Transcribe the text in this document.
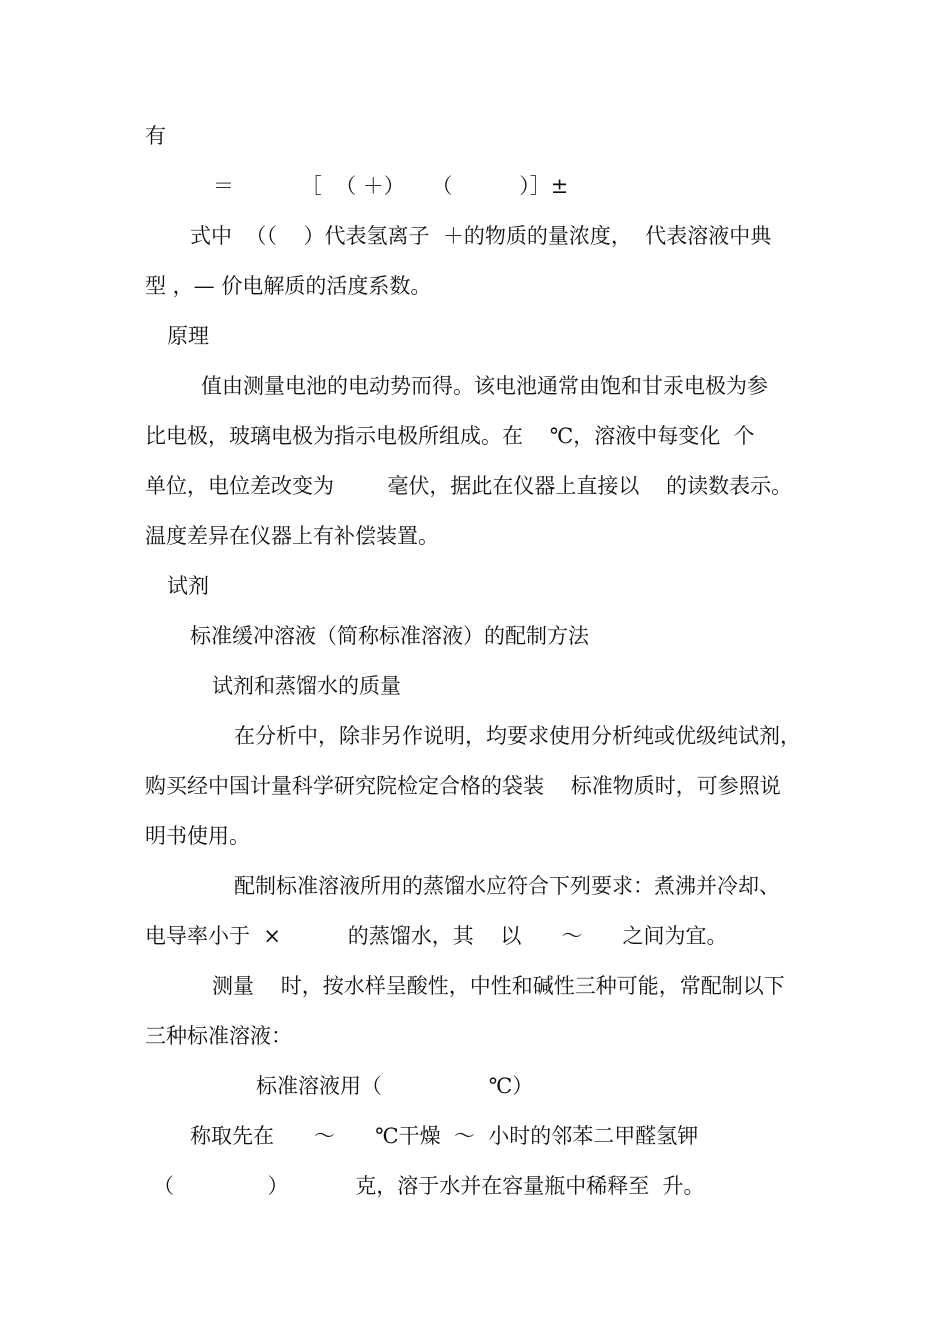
有

＝          ［  （ ＋）    （          ）］±

式中  （（    ）代表氢离子  ＋的物质的量浓度，  代表溶液中典

型 ，— 价电解质的活度系数。

原理

值由测量电池的电动势而得。该电池通常由饱和甘汞电极为参

比电极，玻璃电极为指示电极所组成。在    ℃，溶液中每变化  个

单位，电位差改变为        毫伏，据此在仪器上直接以    的读数表示。

温度差异在仪器上有补偿装置。

试剂

标准缓冲溶液（简称标准溶液）的配制方法

试剂和蒸馏水的质量

在分析中，除非另作说明，均要求使用分析纯或优级纯试剂，

购买经中国计量科学研究院检定合格的袋装    标准物质时，可参照说

明书使用。

配制标准溶液所用的蒸馏水应符合下列要求：煮沸并冷却、

电导率小于  ×          的蒸馏水，其    以      ～      之间为宜。

测量    时，按水样呈酸性，中性和碱性三种可能，常配制以下

三种标准溶液：

标准溶液用（                ℃）

称取先在      ～      ℃干燥  ～  小时的邻苯二甲醛氢钾

（              ）          克，溶于水并在容量瓶中稀释至  升。
